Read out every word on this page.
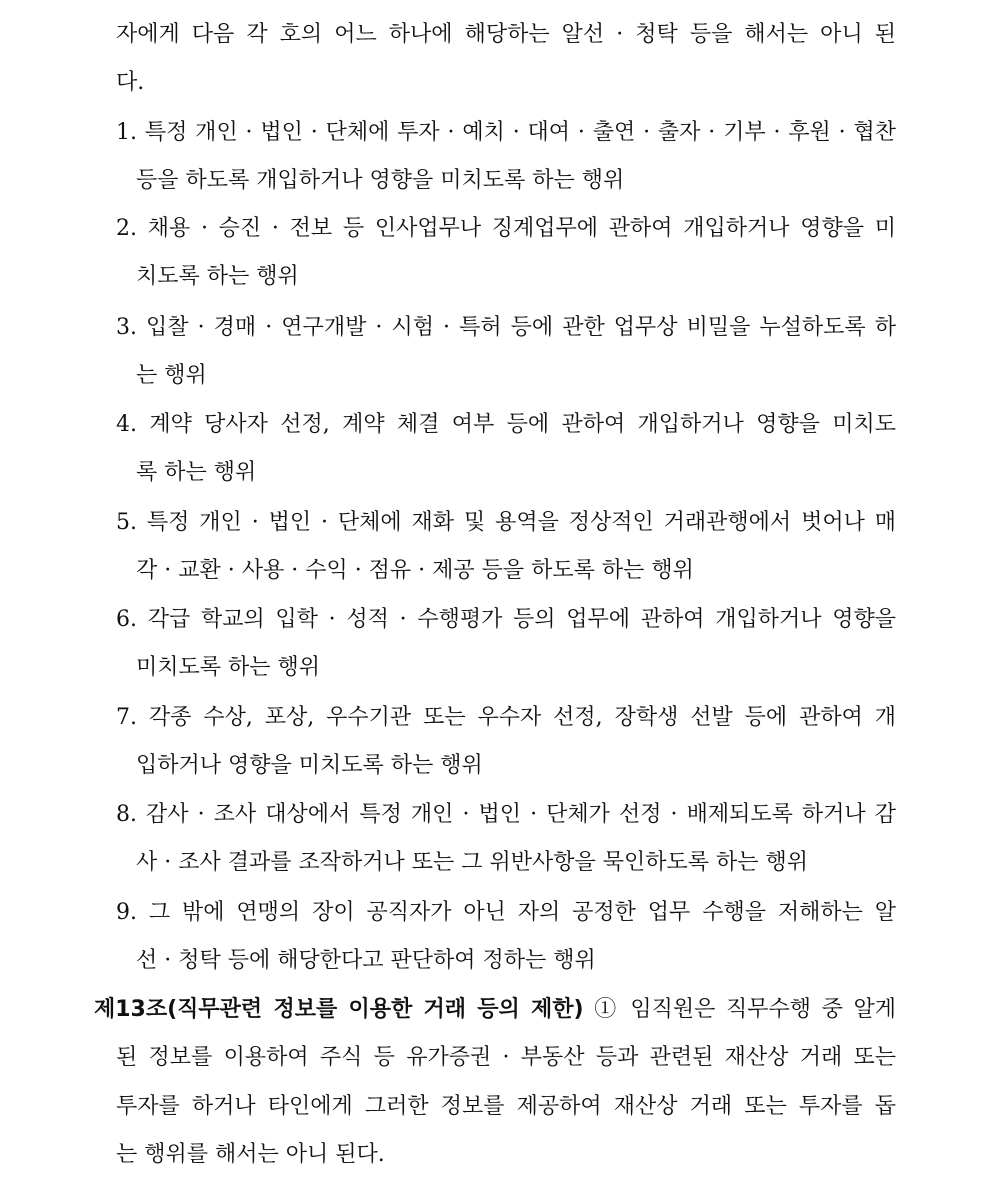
자에게 다음 각 호의 어느 하나에 해당하는 알선 · 청탁 등을 해서는 아니 된
다.
1. 특정 개인 · 법인 · 단체에 투자 · 예치 · 대여 · 출연 · 출자 · 기부 · 후원 · 협찬
등을 하도록 개입하거나 영향을 미치도록 하는 행위
2. 채용 · 승진 · 전보 등 인사업무나 징계업무에 관하여 개입하거나 영향을 미
치도록 하는 행위
3. 입찰 · 경매 · 연구개발 · 시험 · 특허 등에 관한 업무상 비밀을 누설하도록 하
는 행위
4. 계약 당사자 선정, 계약 체결 여부 등에 관하여 개입하거나 영향을 미치도
록 하는 행위
5. 특정 개인 · 법인 · 단체에 재화 및 용역을 정상적인 거래관행에서 벗어나 매
각 · 교환 · 사용 · 수익 · 점유 · 제공 등을 하도록 하는 행위
6. 각급 학교의 입학 · 성적 · 수행평가 등의 업무에 관하여 개입하거나 영향을
미치도록 하는 행위
7. 각종 수상, 포상, 우수기관 또는 우수자 선정, 장학생 선발 등에 관하여 개
입하거나 영향을 미치도록 하는 행위
8. 감사 · 조사 대상에서 특정 개인 · 법인 · 단체가 선정 · 배제되도록 하거나 감
사 · 조사 결과를 조작하거나 또는 그 위반사항을 묵인하도록 하는 행위
9. 그 밖에 연맹의 장이 공직자가 아닌 자의 공정한 업무 수행을 저해하는 알
선 · 청탁 등에 해당한다고 판단하여 정하는 행위
제13조(직무관련 정보를 이용한 거래 등의 제한) ① 임직원은 직무수행 중 알게
된 정보를 이용하여 주식 등 유가증권 · 부동산 등과 관련된 재산상 거래 또는
투자를 하거나 타인에게 그러한 정보를 제공하여 재산상 거래 또는 투자를 돕
는 행위를 해서는 아니 된다.
